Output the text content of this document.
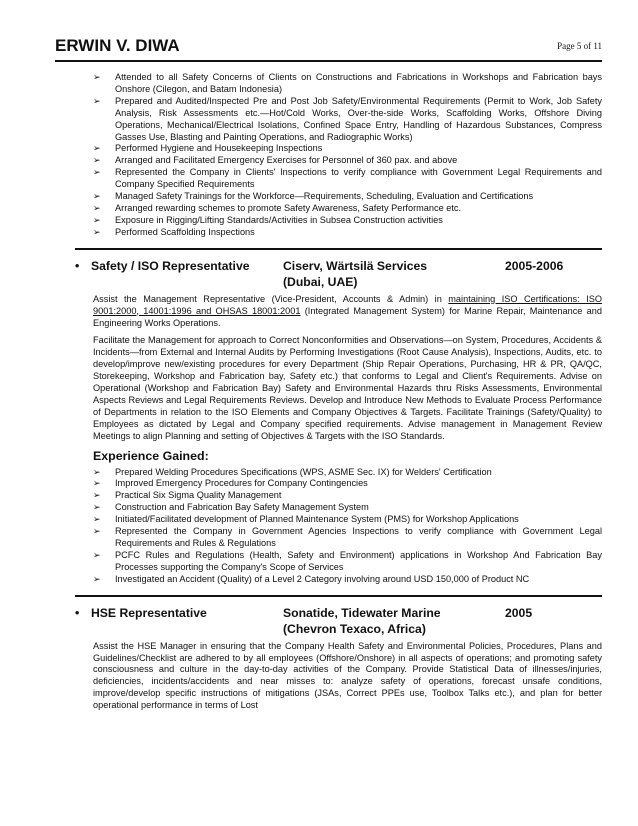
ERWIN V. DIWA	Page 5 of 11
➢ Attended to all Safety Concerns of Clients on Constructions and Fabrications in Workshops and Fabrication bays Onshore (Cilegon, and Batam Indonesia)
➢ Prepared and Audited/Inspected Pre and Post Job Safety/Environmental Requirements (Permit to Work, Job Safety Analysis, Risk Assessments etc.—Hot/Cold Works, Over-the-side Works, Scaffolding Works, Offshore Diving Operations, Mechanical/Electrical Isolations, Confined Space Entry, Handling of Hazardous Substances, Compress Gasses Use, Blasting and Painting Operations, and Radiographic Works)
➢ Performed Hygiene and Housekeeping Inspections
➢ Arranged and Facilitated Emergency Exercises for Personnel of 360 pax. and above
➢ Represented the Company in Clients' Inspections to verify compliance with Government Legal Requirements and Company Specified Requirements
➢ Managed Safety Trainings for the Workforce—Requirements, Scheduling, Evaluation and Certifications
➢ Arranged rewarding schemes to promote Safety Awareness, Safety Performance etc.
➢ Exposure in Rigging/Lifting Standards/Activities in Subsea Construction activities
➢ Performed Scaffolding Inspections
• Safety / ISO Representative	Ciserv, Wärtsilä Services
(Dubai, UAE)
2005-2006

Assist the Management Representative (Vice-President, Accounts & Admin) in maintaining ISO Certifications: ISO 9001:2000, 14001:1996 and OHSAS 18001:2001 (Integrated Management System) for Marine Repair, Maintenance and Engineering Works Operations.

Facilitate the Management for approach to Correct Nonconformities and Observations—on System, Procedures, Accidents & Incidents—from External and Internal Audits by Performing Investigations (Root Cause Analysis), Inspections, Audits, etc. to develop/improve new/existing procedures for every Department (Ship Repair Operations, Purchasing, HR & PR, QA/QC, Storekeeping, Workshop and Fabrication bay, Safety etc.) that conforms to Legal and Client's Requirements. Advise on Operational (Workshop and Fabrication Bay) Safety and Environmental Hazards thru Risks Assessments, Environmental Aspects Reviews and Legal Requirements Reviews. Develop and Introduce New Methods to Evaluate Process Performance of Departments in relation to the ISO Elements and Company Objectives & Targets. Facilitate Trainings (Safety/Quality) to Employees as dictated by Legal and Company specified requirements. Advise management in Management Review Meetings to align Planning and setting of Objectives & Targets with the ISO Standards.

Experience Gained:
➢ Prepared Welding Procedures Specifications (WPS, ASME Sec. IX) for Welders' Certification
➢ Improved Emergency Procedures for Company Contingencies
➢ Practical Six Sigma Quality Management
➢ Construction and Fabrication Bay Safety Management System
➢ Initiated/Facilitated development of Planned Maintenance System (PMS) for Workshop Applications
➢ Represented the Company in Government Agencies Inspections to verify compliance with Government Legal Requirements and Rules & Regulations
➢ PCFC Rules and Regulations (Health, Safety and Environment) applications in Workshop And Fabrication Bay Processes supporting the Company's Scope of Services
➢ Investigated an Accident (Quality) of a Level 2 Category involving around USD 150,000 of Product NC
• HSE Representative	Sonatide, Tidewater Marine
(Chevron Texaco, Africa)
2005

Assist the HSE Manager in ensuring that the Company Health Safety and Environmental Policies, Procedures, Plans and Guidelines/Checklist are adhered to by all employees (Offshore/Onshore) in all aspects of operations; and promoting safety consciousness and culture in the day-to-day activities of the Company. Provide Statistical Data of illnesses/injuries, deficiencies, incidents/accidents and near misses to: analyze safety of operations, forecast unsafe conditions, improve/develop specific instructions of mitigations (JSAs, Correct PPEs use, Toolbox Talks etc.), and plan for better operational performance in terms of Lost
